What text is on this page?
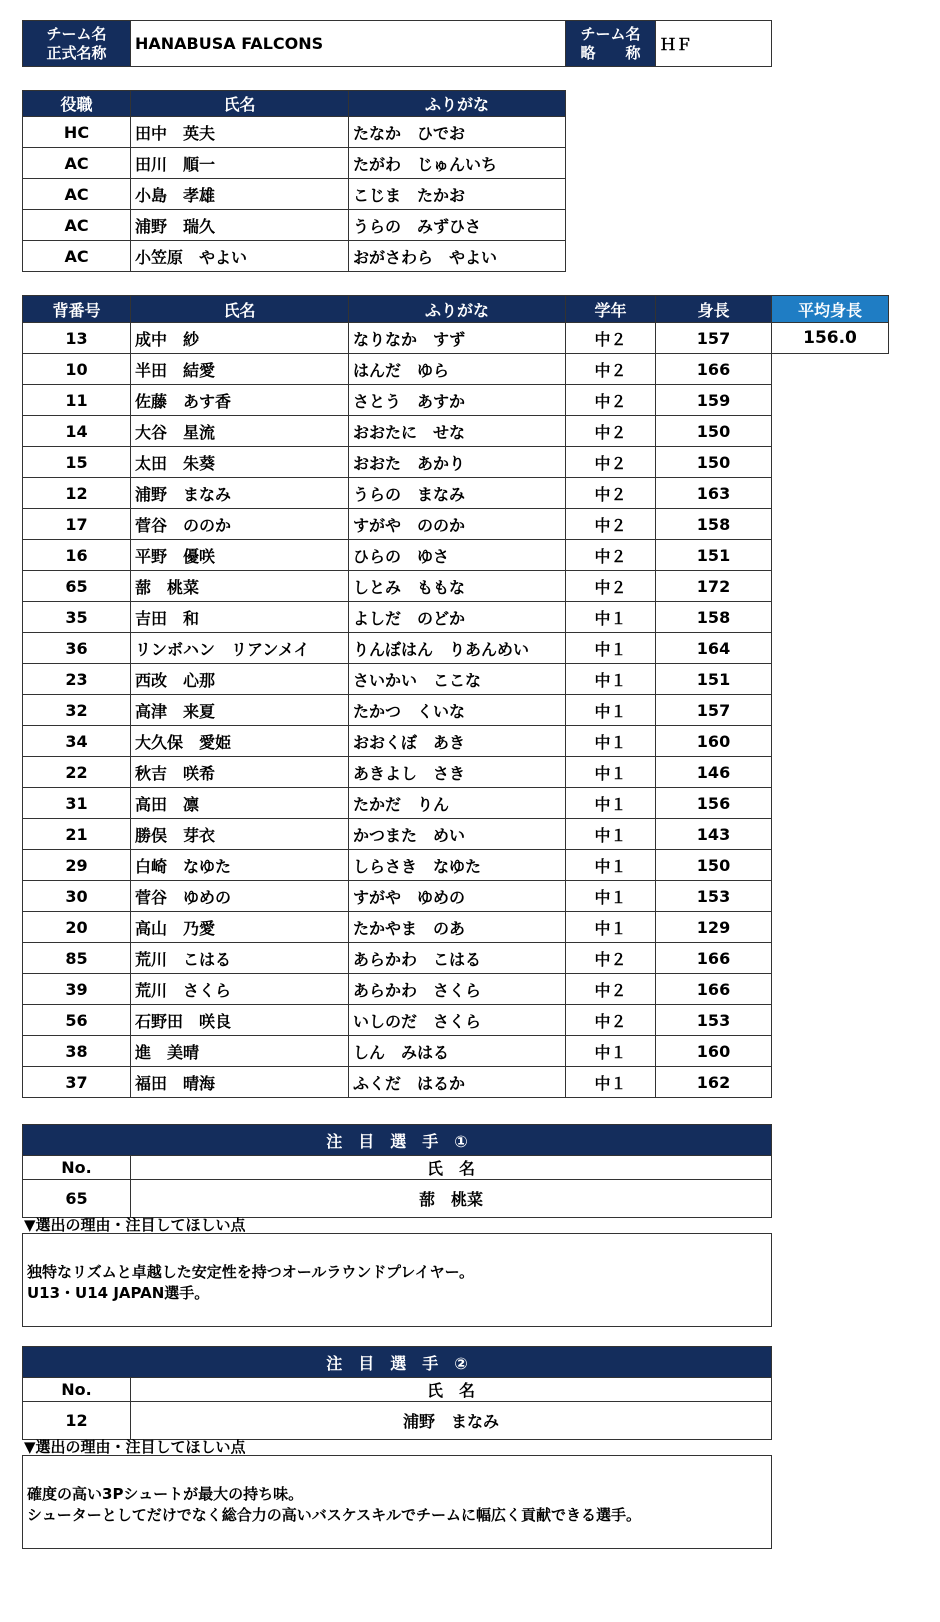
チーム名
正式名称	HANABUSA FALCONS	
チーム名
略　　称	ＨＦ
役職	氏名	ふりがな
HC	田中　英夫	たなか　ひでお
AC	田川　順一	たがわ　じゅんいち
AC	小島　孝雄	こじま　たかお
AC	浦野　瑞久	うらの　みずひさ
AC	小笠原　やよい	おがさわら　やよい
背番号	氏名	ふりがな	学年	身長	平均身長
13	成中　紗	なりなか　すず	中２	157	156.0
10	半田　結愛	はんだ　ゆら	中２	166	
11	佐藤　あす香	さとう　あすか	中２	159	
14	大谷　星流	おおたに　せな	中２	150	
15	太田　朱葵	おおた　あかり	中２	150	
12	浦野　まなみ	うらの　まなみ	中２	163	
17	菅谷　ののか	すがや　ののか	中２	158	
16	平野　優咲	ひらの　ゆさ	中２	151	
65	蔀　桃菜	しとみ　ももな	中２	172	
35	吉田　和	よしだ　のどか	中１	158	
36	リンボハン　リアンメイ	りんぼはん　りあんめい	中１	164	
23	西改　心那	さいかい　ここな	中１	151	
32	高津　来夏	たかつ　くいな	中１	157	
34	大久保　愛姫	おおくぼ　あき	中１	160	
22	秋吉　咲希	あきよし　さき	中１	146	
31	高田　凛	たかだ　りん	中１	156	
21	勝俣　芽衣	かつまた　めい	中１	143	
29	白崎　なゆた	しらさき　なゆた	中１	150	
30	菅谷　ゆめの	すがや　ゆめの	中１	153	
20	高山　乃愛	たかやま　のあ	中１	129	
85	荒川　こはる	あらかわ　こはる	中２	166	
39	荒川　さくら	あらかわ　さくら	中２	166	
56	石野田　咲良	いしのだ　さくら	中２	153	
38	進　美晴	しん　みはる	中１	160	
37	福田　晴海	ふくだ　はるか	中１	162	
注　目　選　手　①	
No.	氏　名
65	蔀　桃菜
▼選出の理由・注目してほしい点
独特なリズムと卓越した安定性を持つオールラウンドプレイヤー。
U13・U14 JAPAN選手。
注　目　選　手　②	
No.	氏　名
12	浦野　まなみ
▼選出の理由・注目してほしい点
確度の高い3Pシュートが最大の持ち味。
シューターとしてだけでなく総合力の高いバスケスキルでチームに幅広く貢献できる選手。
